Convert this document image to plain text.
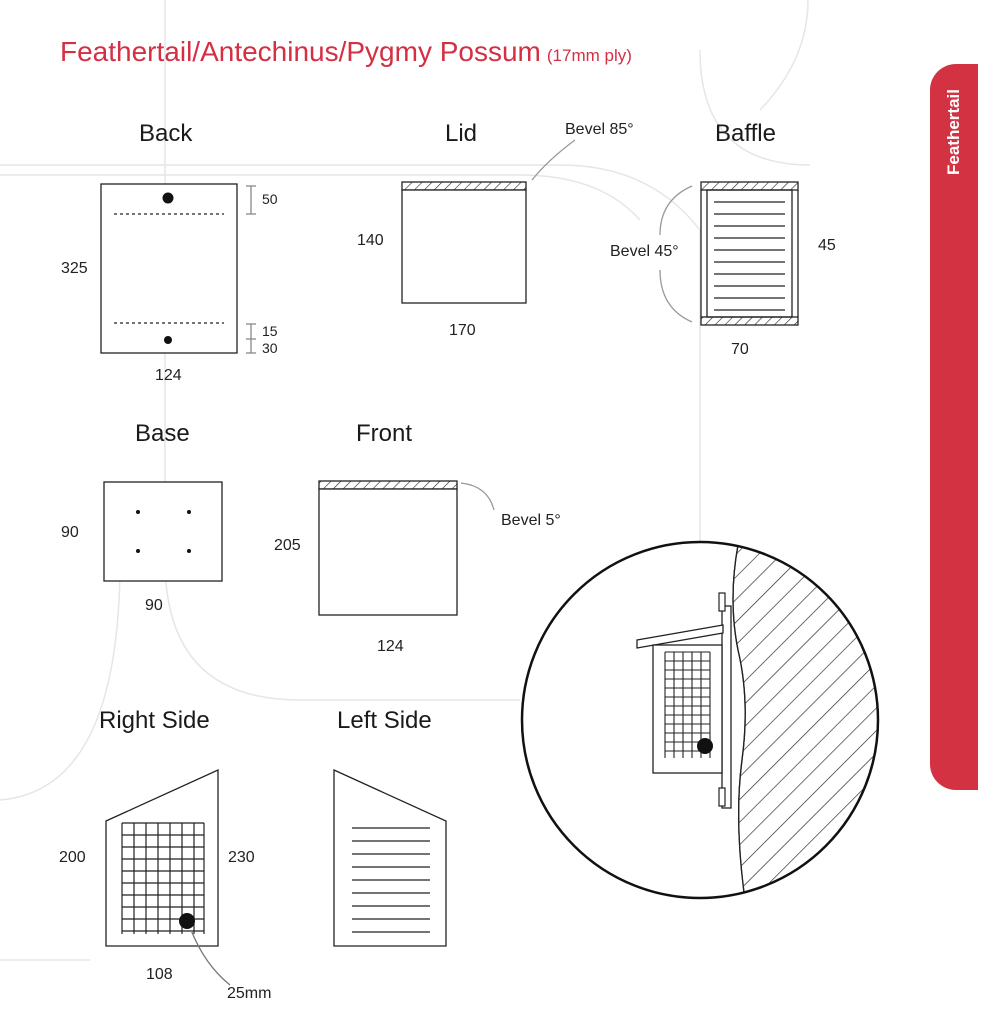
Feathertail/Antechinus/Pygmy Possum (17mm ply)
Feathertail
Back
325
124
50
15
30
Lid
140
170
Bevel 85°	Baffle
45
70
Bevel 45°
Base
90
90
Front
205
124
Bevel 5°
Right Side
200	230
108
25mm
Left Side
